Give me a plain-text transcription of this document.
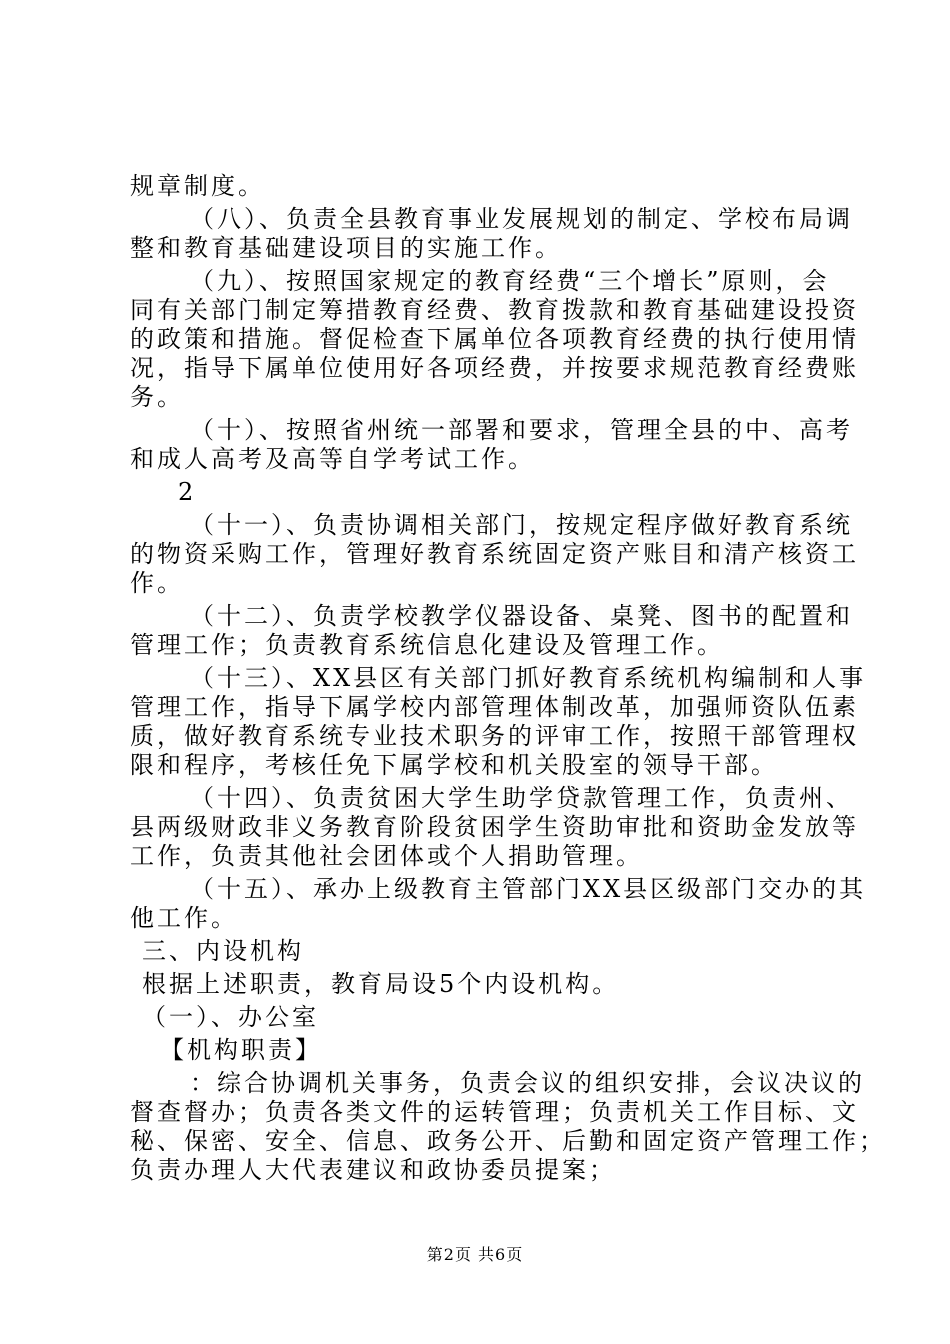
规章制度。
（八）、负责全县教育事业发展规划的制定、学校布局调
整和教育基础建设项目的实施工作。
（九）、按照国家规定的教育经费“三个增长”原则，会
同有关部门制定筹措教育经费、教育拨款和教育基础建设投资
的政策和措施。督促检查下属单位各项教育经费的执行使用情
况，指导下属单位使用好各项经费，并按要求规范教育经费账
务。
（十）、按照省州统一部署和要求，管理全县的中、高考
和成人高考及高等自学考试工作。
2
（十一）、负责协调相关部门，按规定程序做好教育系统
的物资采购工作，管理好教育系统固定资产账目和清产核资工
作。
（十二）、负责学校教学仪器设备、桌凳、图书的配置和
管理工作；负责教育系统信息化建设及管理工作。
（十三）、XX县区有关部门抓好教育系统机构编制和人事
管理工作，指导下属学校内部管理体制改革，加强师资队伍素
质，做好教育系统专业技术职务的评审工作，按照干部管理权
限和程序，考核任免下属学校和机关股室的领导干部。
（十四）、负责贫困大学生助学贷款管理工作，负责州、
县两级财政非义务教育阶段贫困学生资助审批和资助金发放等
工作，负责其他社会团体或个人捐助管理。
（十五）、承办上级教育主管部门XX县区级部门交办的其
他工作。
三、内设机构
根据上述职责，教育局设5个内设机构。
（一）、办公室
【机构职责】
：综合协调机关事务，负责会议的组织安排，会议决议的
督查督办；负责各类文件的运转管理；负责机关工作目标、文
秘、保密、安全、信息、政务公开、后勤和固定资产管理工作；
负责办理人大代表建议和政协委员提案；
第2页 共6页
